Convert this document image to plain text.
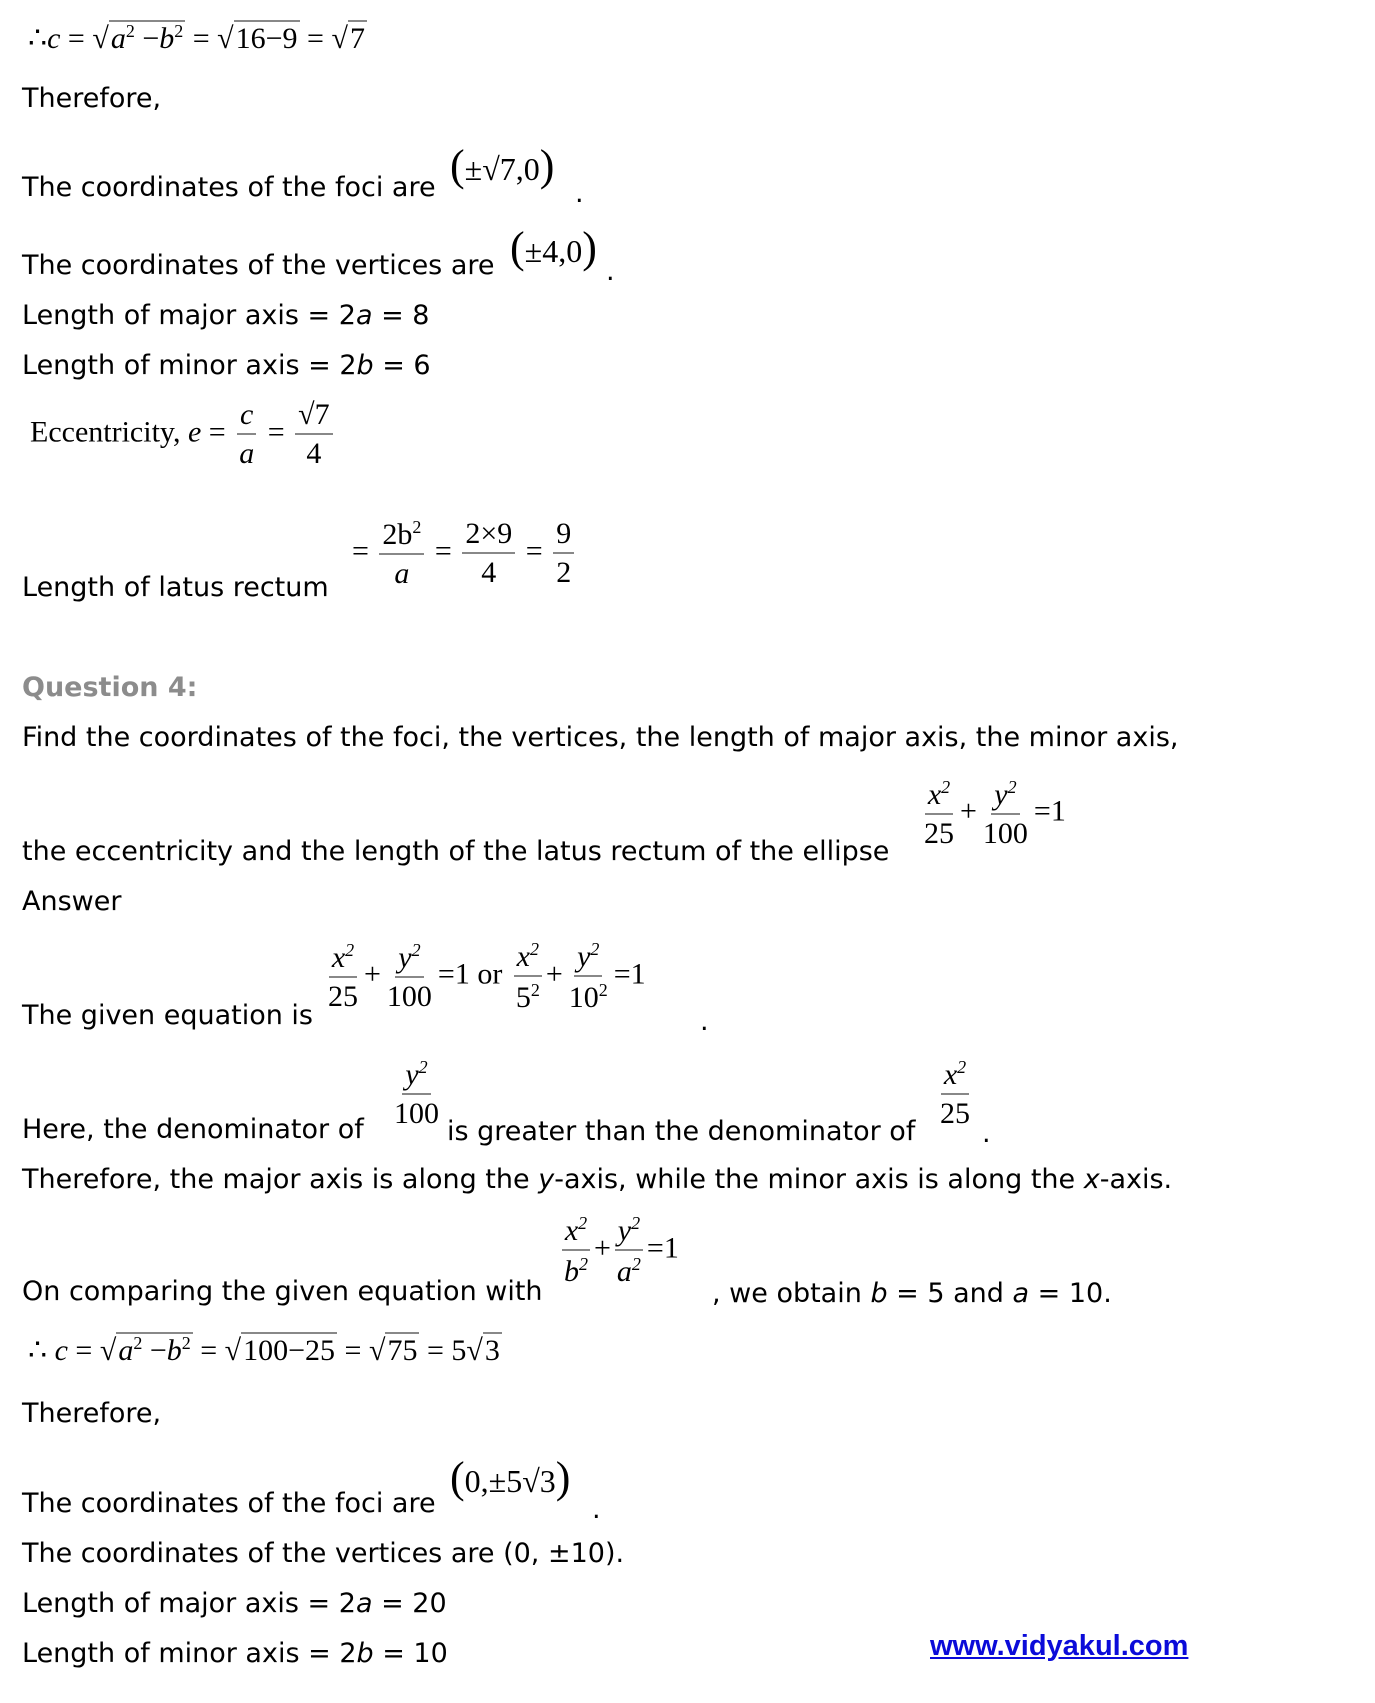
∴c = $√a^2 -b^2 = √16-9 = √7$
Therefore,
The coordinates of the foci are (±√7,0)
.
The coordinates of the vertices are (±4,0) .
Length of major axis = 2a = 8
Length of minor axis = 2b = 6
Eccentricity, $e = \frac{c}{a} = \frac{√7}{4}$
Length of latus rectum
= $\frac{2b^2}{a} = \frac{2\times 9}{4} = \frac{9}{2}$
Question 4:
Find the coordinates of the foci, the vertices, the length of major axis, the minor axis,
the eccentricity and the length of the latus rectum of the ellipse
$\frac{x^2}{25} + \frac{y^2}{100} =1$
Answer
The given equation is
$\frac{x^2}{25} + \frac{y^2}{100} =1$ or $\frac{x^2}{5^2} + \frac{y^2}{10^2} =1$
.
Here, the denominator of
$\frac{y^2}{100}$
is greater than the denominator of
$\frac{x^2}{25}$
.
Therefore, the major axis is along the y-axis, while the minor axis is along the x-axis.
On comparing the given equation with
$\frac{x^2}{b^2} + \frac{y^2}{a^2} =1$
, we obtain b = 5 and a = 10.
∴ $c = √a^2 -b^2 = √100-25 = √75 = 5√3$
Therefore,
The coordinates of the foci are
(0,±5√3)
.
The coordinates of the vertices are (0, ±10).
Length of major axis = 2a = 20
Length of minor axis = 2b = 10	www.vidyakul.com
